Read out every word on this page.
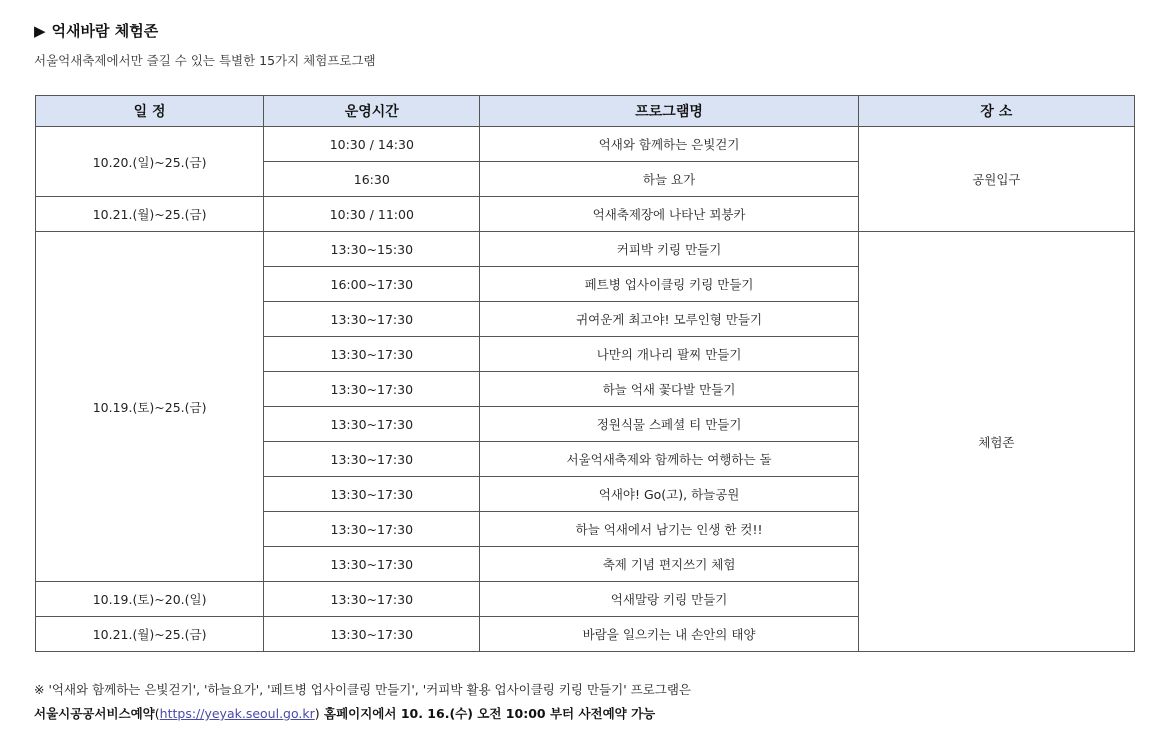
▶ 억새바람 체험존
서울억새축제에서만 즐길 수 있는 특별한 15가지 체험프로그램
일 정	운영시간	프로그램명	장 소
10.20.(일)~25.(금)	10:30 / 14:30	억새와 함께하는 은빛걷기	공원입구
	16:30	하늘 요가	
10.21.(월)~25.(금)	10:30 / 11:00	억새축제장에 나타난 꾀붕카	
10.19.(토)~25.(금)	13:30~15:30	커피박 키링 만들기	체험존
	16:00~17:30	페트병 업사이클링 키링 만들기	
	13:30~17:30	귀여운게 최고야! 모루인형 만들기	
	13:30~17:30	나만의 개나리 팔찌 만들기	
	13:30~17:30	하늘 억새 꽃다발 만들기	
	13:30~17:30	정원식물 스페셜 티 만들기	
	13:30~17:30	서울억새축제와 함께하는 여행하는 돌	
	13:30~17:30	억새야! Go(고), 하늘공원	
	13:30~17:30	하늘 억새에서 남기는 인생 한 컷!!	
	13:30~17:30	축제 기념 편지쓰기 체험	
10.19.(토)~20.(일)	13:30~17:30	억새말랑 키링 만들기	
10.21.(월)~25.(금)	13:30~17:30	바람을 일으키는 내 손안의 태양	
※ '억새와 함께하는 은빛걷기', '하늘요가', '페트병 업사이클링 만들기', '커피박 활용 업사이클링 키링 만들기' 프로그램은
서울시공공서비스예약(https://yeyak.seoul.go.kr) 홈페이지에서 10. 16.(수) 오전 10:00 부터 사전예약 가능
